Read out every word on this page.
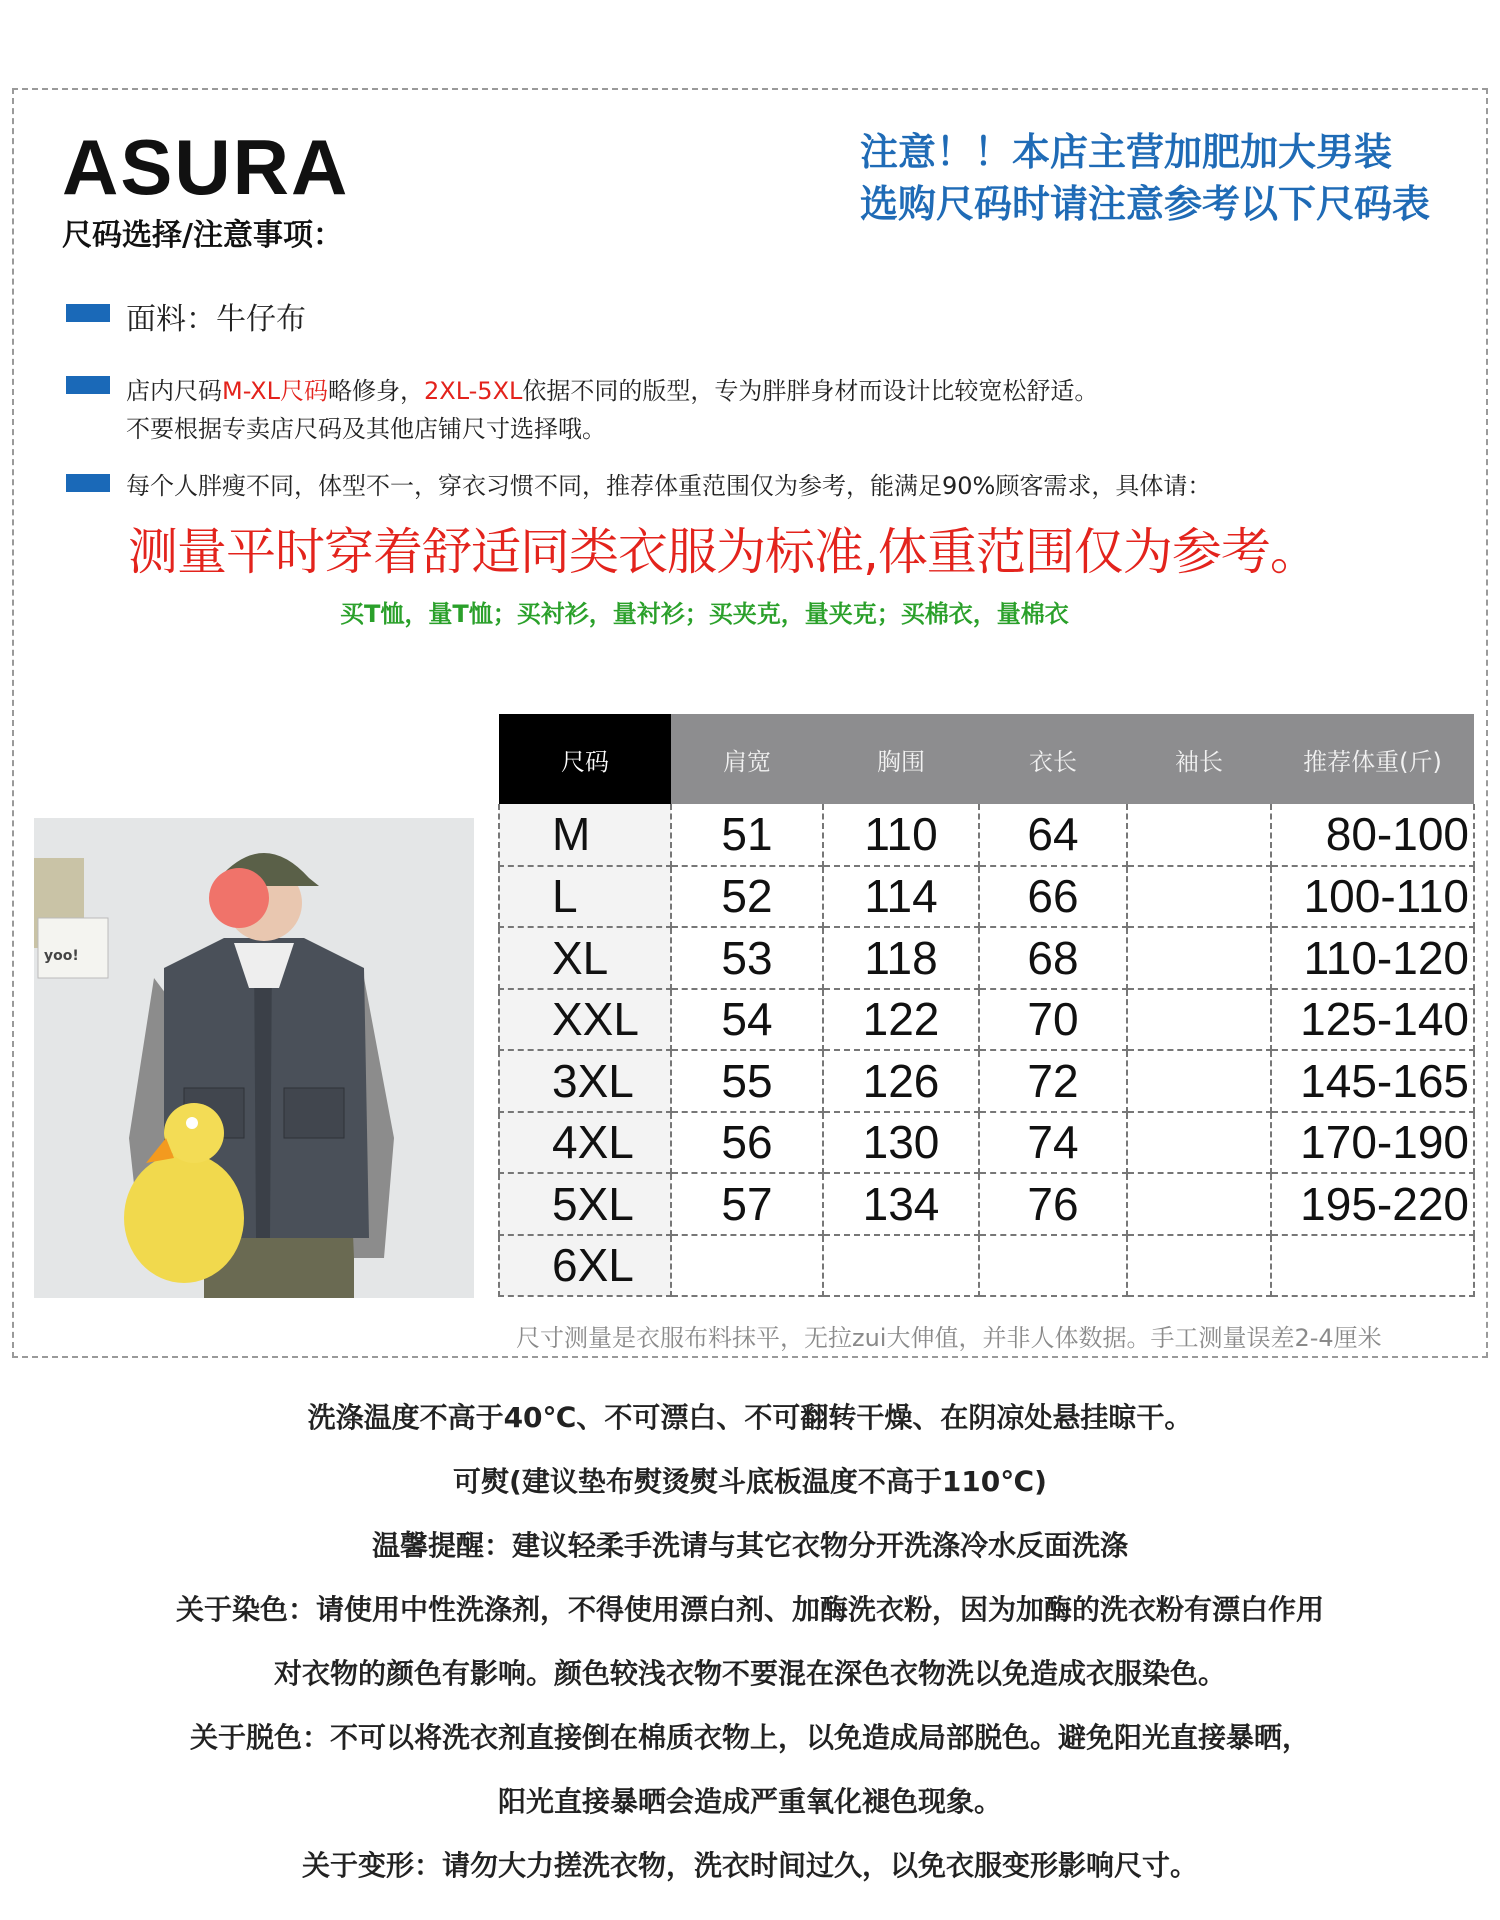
ASURA
尺码选择/注意事项：
注意！！本店主营加肥加大男装
选购尺码时请注意参考以下尺码表
面料：牛仔布
店内尺码M-XL尺码略修身，2XL-5XL依据不同的版型，专为胖胖身材而设计比较宽松舒适。
不要根据专卖店尺码及其他店铺尺寸选择哦。
每个人胖瘦不同，体型不一，穿衣习惯不同，推荐体重范围仅为参考，能满足90%顾客需求，具体请：
测量平时穿着舒适同类衣服为标准,体重范围仅为参考。
买T恤，量T恤；买衬衫，量衬衫；买夹克，量夹克；买棉衣，量棉衣
yoo!
尺码	肩宽	胸围	衣长	袖长	推荐体重(斤)
M	51	110	64		80-100
L	52	114	66		100-110
XL	53	118	68		110-120
XXL	54	122	70		125-140
3XL	55	126	72		145-165
4XL	56	130	74		170-190
5XL	57	134	76		195-220
6XL					
尺寸测量是衣服布料抹平，无拉zui大伸值，并非人体数据。手工测量误差2-4厘米
洗涤温度不高于40℃、不可漂白、不可翻转干燥、在阴凉处悬挂晾干。
可熨(建议垫布熨烫熨斗底板温度不高于110℃)
温馨提醒：建议轻柔手洗请与其它衣物分开洗涤冷水反面洗涤
关于染色：请使用中性洗涤剂，不得使用漂白剂、加酶洗衣粉，因为加酶的洗衣粉有漂白作用
对衣物的颜色有影响。颜色较浅衣物不要混在深色衣物洗以免造成衣服染色。
关于脱色：不可以将洗衣剂直接倒在棉质衣物上，以免造成局部脱色。避免阳光直接暴晒，
阳光直接暴晒会造成严重氧化褪色现象。
关于变形：请勿大力搓洗衣物，洗衣时间过久，以免衣服变形影响尺寸。
